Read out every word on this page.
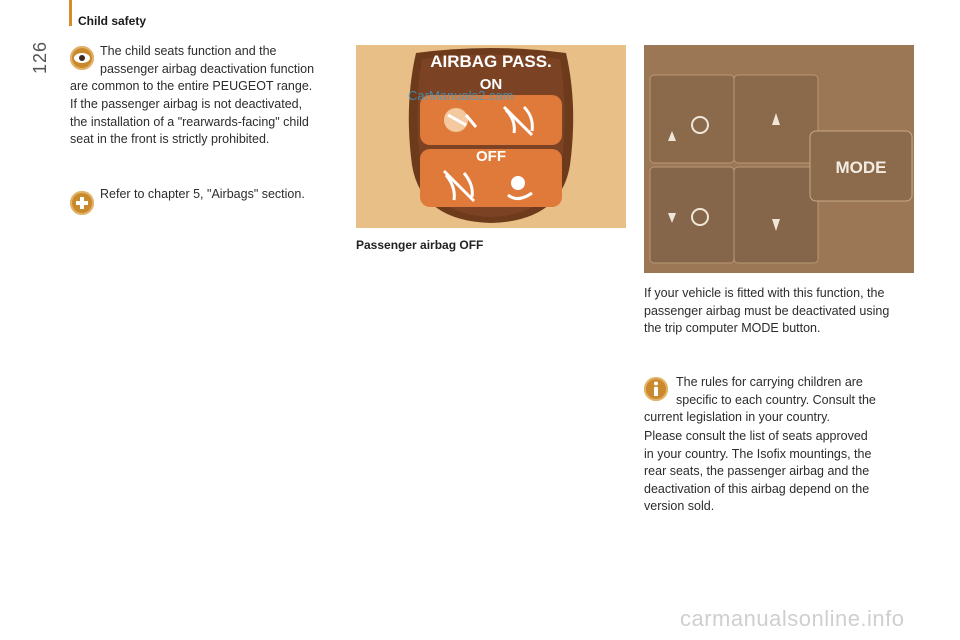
Child safety
126	The child seats function and the
passenger airbag deactivation function
are common to the entire PEUGEOT range.
If the passenger airbag is not deactivated,
the installation of a "rearwards-facing" child
seat in the front is strictly prohibited.
Refer to chapter 5, "Airbags" section.
AIRBAG PASS.
ON
OFF
CarManuals2.com
Passenger airbag OFF
MODE
If your vehicle is fitted with this function, the
passenger airbag must be deactivated using
the trip computer MODE button.
The rules for carrying children are
specific to each country. Consult the
current legislation in your country.
Please consult the list of seats approved
in your country. The Isofix mountings, the
rear seats, the passenger airbag and the
deactivation of this airbag depend on the
version sold.
carmanualsonline.info
